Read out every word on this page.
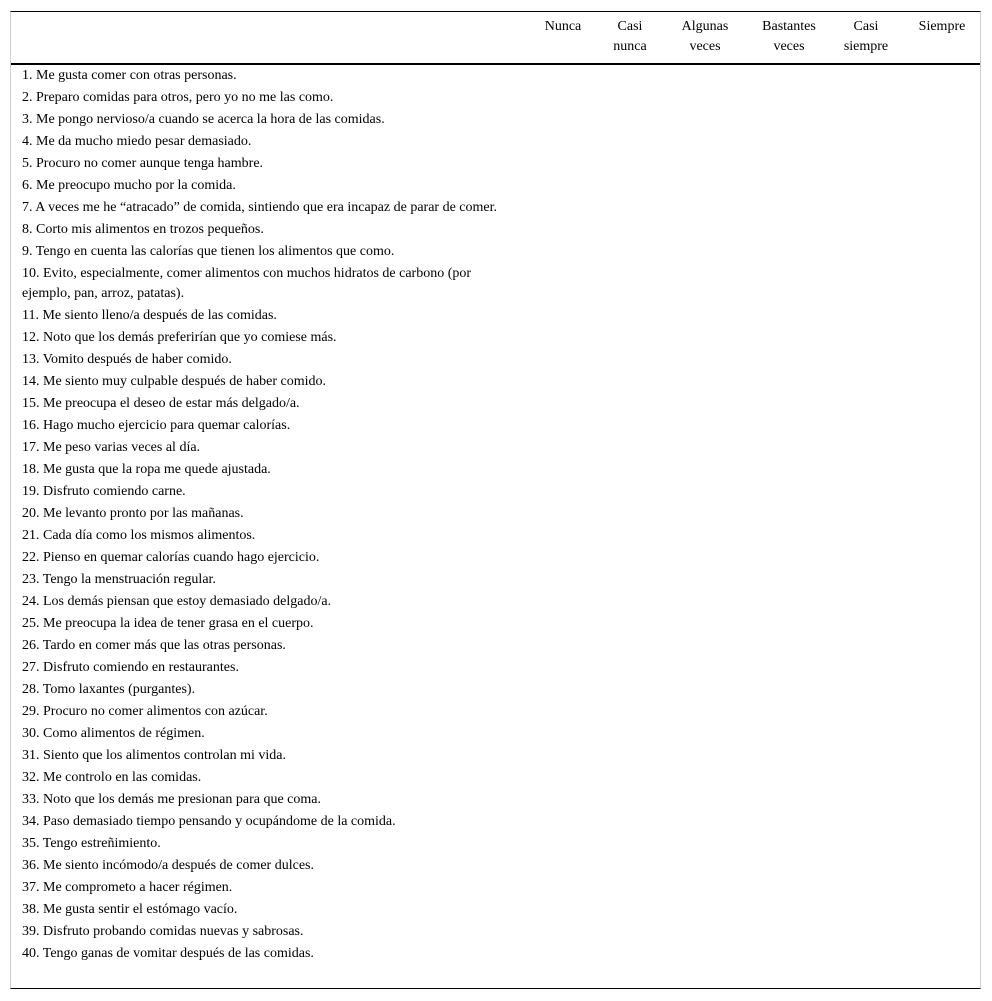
Nunca	Casi
nunca
Algunas
veces
Bastantes
veces
Casi
siempre
Siempre
1. Me gusta comer con otras personas.
2. Preparo comidas para otros, pero yo no me las como.
3. Me pongo nervioso/a cuando se acerca la hora de las comidas.
4. Me da mucho miedo pesar demasiado.
5. Procuro no comer aunque tenga hambre.
6. Me preocupo mucho por la comida.
7. A veces me he “atracado” de comida, sintiendo que era incapaz de parar de comer.
8. Corto mis alimentos en trozos pequeños.
9. Tengo en cuenta las calorías que tienen los alimentos que como.
10. Evito, especialmente, comer alimentos con muchos hidratos de carbono (por ejemplo, pan, arroz, patatas).
11. Me siento lleno/a después de las comidas.
12. Noto que los demás preferirían que yo comiese más.
13. Vomito después de haber comido.
14. Me siento muy culpable después de haber comido.
15. Me preocupa el deseo de estar más delgado/a.
16. Hago mucho ejercicio para quemar calorías.
17. Me peso varias veces al día.
18. Me gusta que la ropa me quede ajustada.
19. Disfruto comiendo carne.
20. Me levanto pronto por las mañanas.
21. Cada día como los mismos alimentos.
22. Pienso en quemar calorías cuando hago ejercicio.
23. Tengo la menstruación regular.
24. Los demás piensan que estoy demasiado delgado/a.
25. Me preocupa la idea de tener grasa en el cuerpo.
26. Tardo en comer más que las otras personas.
27. Disfruto comiendo en restaurantes.
28. Tomo laxantes (purgantes).
29. Procuro no comer alimentos con azúcar.
30. Como alimentos de régimen.
31. Siento que los alimentos controlan mi vida.
32. Me controlo en las comidas.
33. Noto que los demás me presionan para que coma.
34. Paso demasiado tiempo pensando y ocupándome de la comida.
35. Tengo estreñimiento.
36. Me siento incómodo/a después de comer dulces.
37. Me comprometo a hacer régimen.
38. Me gusta sentir el estómago vacío.
39. Disfruto probando comidas nuevas y sabrosas.
40. Tengo ganas de vomitar después de las comidas.
